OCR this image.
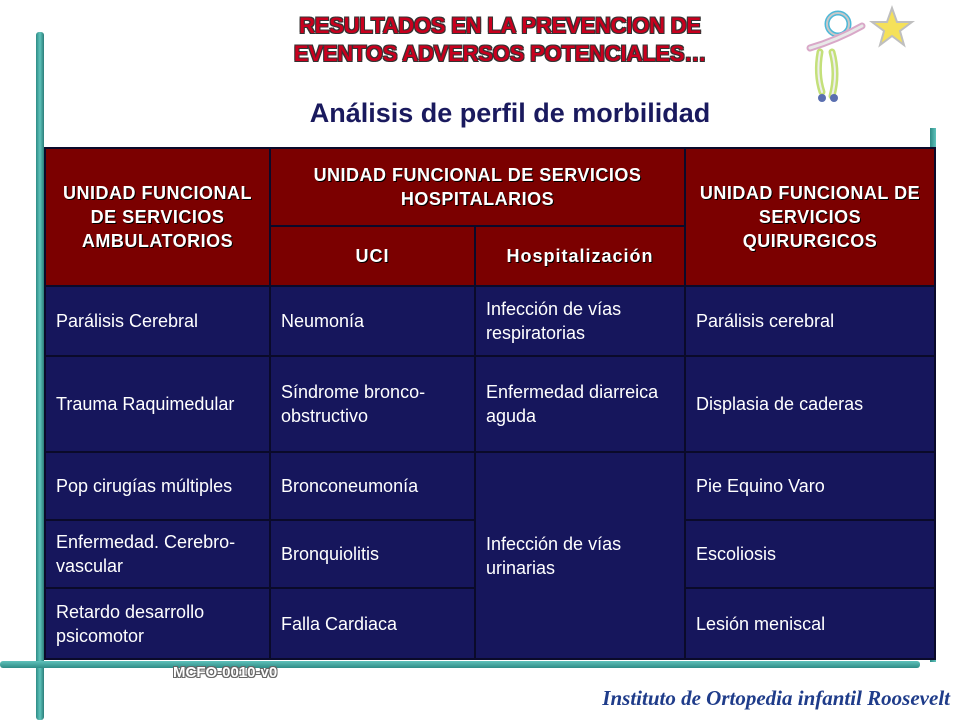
RESULTADOS EN LA PREVENCION DE
EVENTOS ADVERSOS POTENCIALES…
Análisis de perfil de morbilidad
UNIDAD FUNCIONAL DE SERVICIOS AMBULATORIOS	UNIDAD FUNCIONAL DE SERVICIOS HOSPITALARIOS		UNIDAD FUNCIONAL DE SERVICIOS QUIRURGICOS
	UCI	Hospitalización	
Parálisis Cerebral	Neumonía	Infección de vías respiratorias	Parálisis cerebral
Trauma Raquimedular	Síndrome bronco-obstructivo	Enfermedad diarreica aguda	Displasia de caderas
Pop cirugías múltiples	Bronconeumonía	Infección de vías urinarias	Pie Equino Varo
Enfermedad. Cerebro-vascular	Bronquiolitis		Escoliosis
Retardo desarrollo psicomotor	Falla Cardiaca		Lesión meniscal
MCFO-0010-v0
Instituto de Ortopedia infantil Roosevelt
